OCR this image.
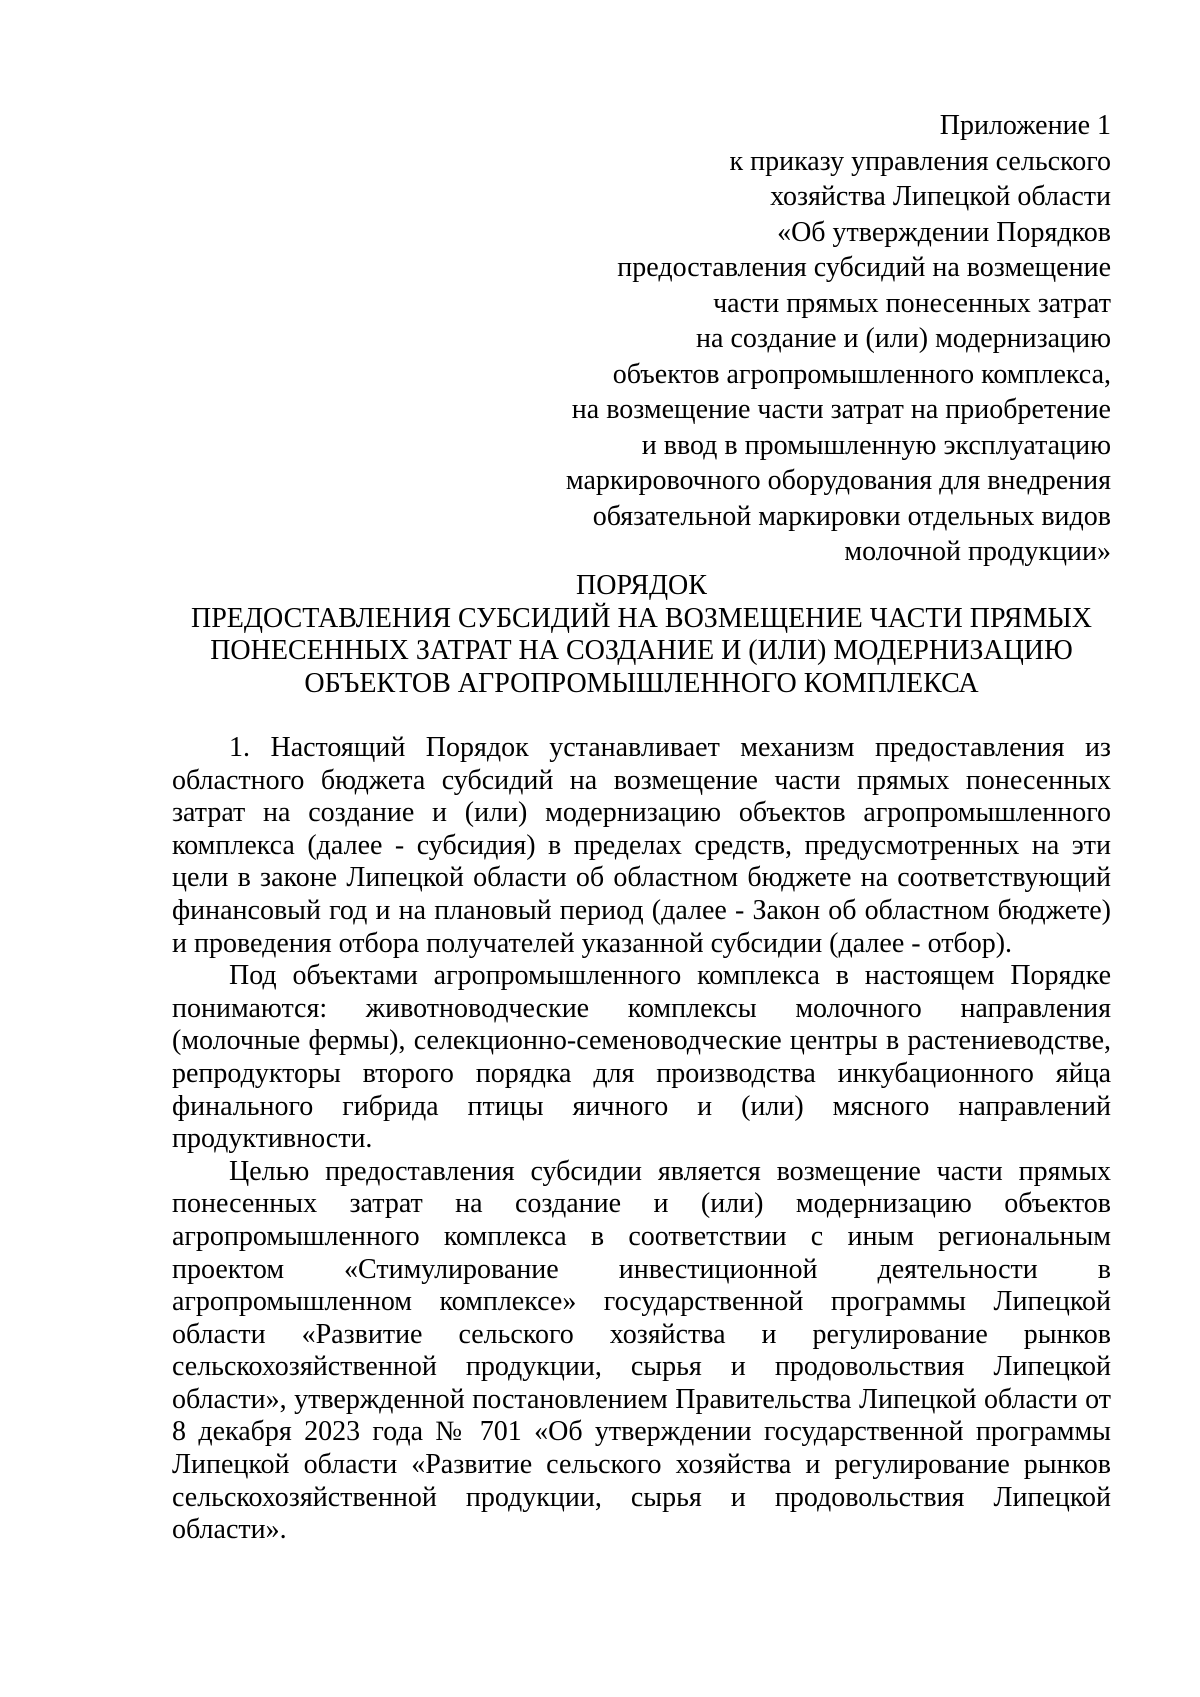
Приложение 1
к приказу управления сельского
хозяйства Липецкой области
«Об утверждении Порядков
предоставления субсидий на возмещение
части прямых понесенных затрат
на создание и (или) модернизацию
объектов агропромышленного комплекса,
на возмещение части затрат на приобретение
и ввод в промышленную эксплуатацию
маркировочного оборудования для внедрения
обязательной маркировки отдельных видов
молочной продукции»
ПОРЯДОК
ПРЕДОСТАВЛЕНИЯ СУБСИДИЙ НА ВОЗМЕЩЕНИЕ ЧАСТИ ПРЯМЫХ
ПОНЕСЕННЫХ ЗАТРАТ НА СОЗДАНИЕ И (ИЛИ) МОДЕРНИЗАЦИЮ
ОБЪЕКТОВ АГРОПРОМЫШЛЕННОГО КОМПЛЕКСА

1. Настоящий Порядок устанавливает механизм предоставления из областного бюджета субсидий на возмещение части прямых понесенных затрат на создание и (или) модернизацию объектов агропромышленного комплекса (далее - субсидия) в пределах средств, предусмотренных на эти цели в законе Липецкой области об областном бюджете на соответствующий финансовый год и на плановый период (далее - Закон об областном бюджете) и проведения отбора получателей указанной субсидии (далее - отбор).

Под объектами агропромышленного комплекса в настоящем Порядке понимаются: животноводческие комплексы молочного направления (молочные фермы), селекционно-семеноводческие центры в растениеводстве, репродукторы второго порядка для производства инкубационного яйца финального гибрида птицы яичного и (или) мясного направлений продуктивности.

Целью предоставления субсидии является возмещение части прямых понесенных затрат на создание и (или) модернизацию объектов агропромышленного комплекса в соответствии с иным региональным проектом «Стимулирование инвестиционной деятельности в агропромышленном комплексе» государственной программы Липецкой области «Развитие сельского хозяйства и регулирование рынков сельскохозяйственной продукции, сырья и продовольствия Липецкой области», утвержденной постановлением Правительства Липецкой области от 8 декабря 2023 года № 701 «Об утверждении государственной программы Липецкой области «Развитие сельского хозяйства и регулирование рынков сельскохозяйственной продукции, сырья и продовольствия Липецкой области».
